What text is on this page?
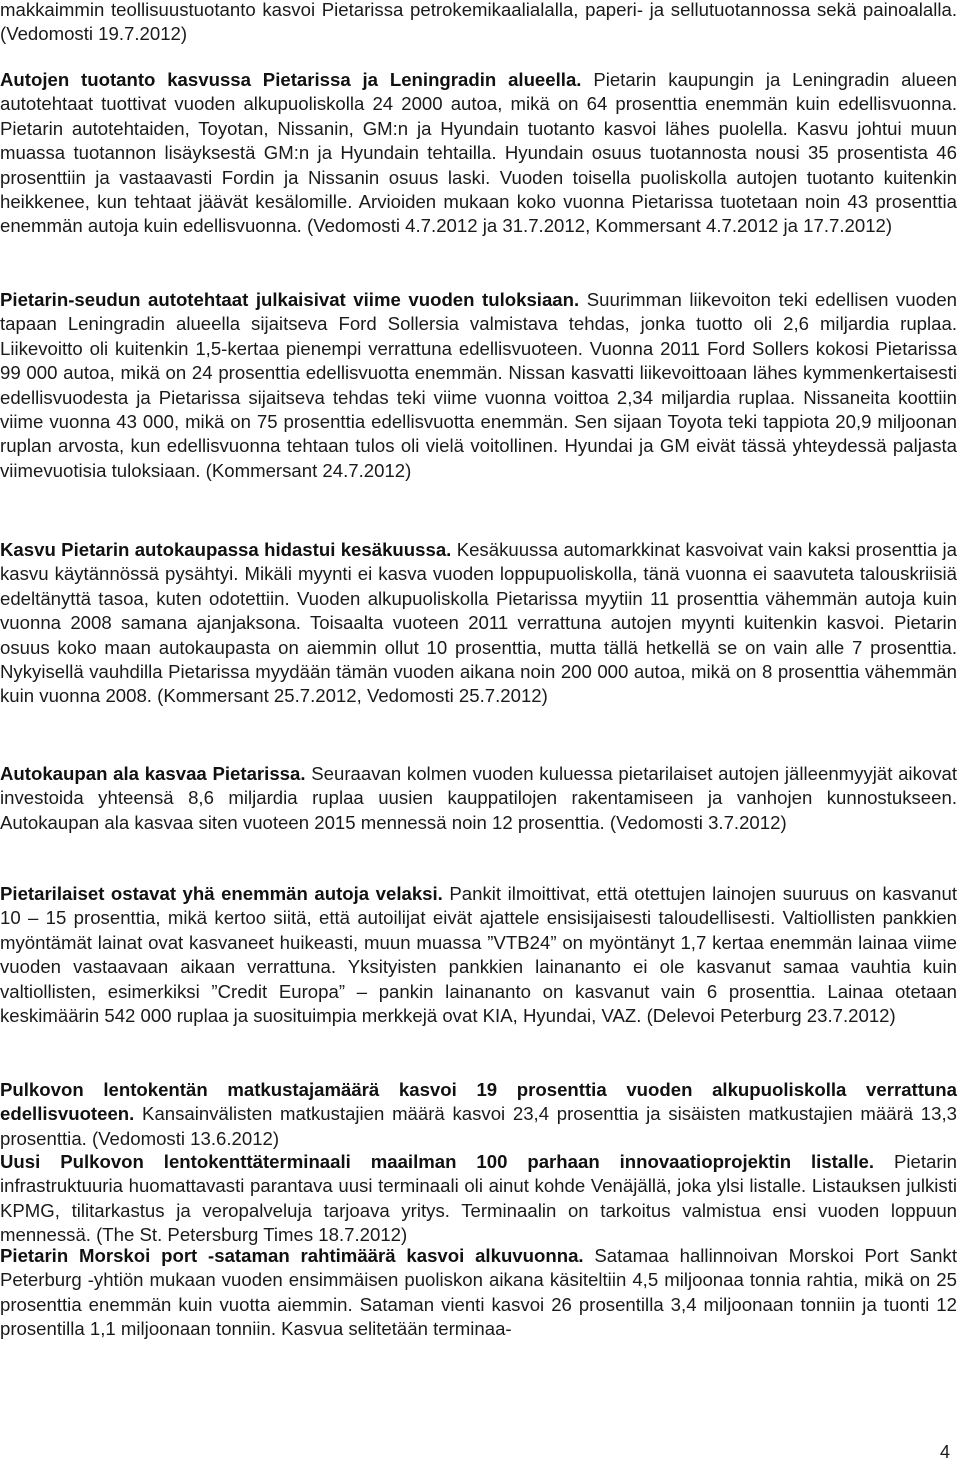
makkaimmin teollisuustuotanto kasvoi Pietarissa petrokemikaalialalla, paperi- ja sellutuotannossa sekä painoalalla. (Vedomosti 19.7.2012)

Autojen tuotanto kasvussa Pietarissa ja Leningradin alueella. Pietarin kaupungin ja Leningradin alueen autotehtaat tuottivat vuoden alkupuoliskolla 24 2000 autoa, mikä on 64 prosenttia enemmän kuin edellisvuonna. Pietarin autotehtaiden, Toyotan, Nissanin, GM:n ja Hyundain tuotanto kasvoi lähes puolella. Kasvu johtui muun muassa tuotannon lisäyksestä GM:n ja Hyundain tehtailla. Hyundain osuus tuotannosta nousi 35 prosentista 46 prosenttiin ja vastaavasti Fordin ja Nissanin osuus laski. Vuoden toisella puoliskolla autojen tuotanto kuitenkin heikkenee, kun tehtaat jäävät kesälomille. Arvioiden mukaan koko vuonna Pietarissa tuotetaan noin 43 prosenttia enemmän autoja kuin edellisvuonna. (Vedomosti 4.7.2012 ja 31.7.2012, Kommersant 4.7.2012 ja 17.7.2012)

Pietarin-seudun autotehtaat julkaisivat viime vuoden tuloksiaan. Suurimman liikevoiton teki edellisen vuoden tapaan Leningradin alueella sijaitseva Ford Sollersia valmistava tehdas, jonka tuotto oli 2,6 miljardia ruplaa. Liikevoitto oli kuitenkin 1,5-kertaa pienempi verrattuna edellisvuoteen. Vuonna 2011 Ford Sollers kokosi Pietarissa 99 000 autoa, mikä on 24 prosenttia edellisvuotta enemmän. Nissan kasvatti liikevoittoaan lähes kymmenkertaisesti edellisvuodesta ja Pietarissa sijaitseva tehdas teki viime vuonna voittoa 2,34 miljardia ruplaa. Nissaneita koottiin viime vuonna 43 000, mikä on 75 prosenttia edellisvuotta enemmän. Sen sijaan Toyota teki tappiota 20,9 miljoonan ruplan arvosta, kun edellisvuonna tehtaan tulos oli vielä voitollinen. Hyundai ja GM eivät tässä yhteydessä paljasta viimevuotisia tuloksiaan. (Kommersant 24.7.2012)

Kasvu Pietarin autokaupassa hidastui kesäkuussa. Kesäkuussa automarkkinat kasvoivat vain kaksi prosenttia ja kasvu käytännössä pysähtyi. Mikäli myynti ei kasva vuoden loppupuoliskolla, tänä vuonna ei saavuteta talouskriisiä edeltänyttä tasoa, kuten odotettiin. Vuoden alkupuoliskolla Pietarissa myytiin 11 prosenttia vähemmän autoja kuin vuonna 2008 samana ajanjaksona. Toisaalta vuoteen 2011 verrattuna autojen myynti kuitenkin kasvoi. Pietarin osuus koko maan autokaupasta on aiemmin ollut 10 prosenttia, mutta tällä hetkellä se on vain alle 7 prosenttia. Nykyisellä vauhdilla Pietarissa myydään tämän vuoden aikana noin 200 000 autoa, mikä on 8 prosenttia vähemmän kuin vuonna 2008. (Kommersant 25.7.2012, Vedomosti 25.7.2012)

Autokaupan ala kasvaa Pietarissa. Seuraavan kolmen vuoden kuluessa pietarilaiset autojen jälleenmyyjät aikovat investoida yhteensä 8,6 miljardia ruplaa uusien kauppatilojen rakentamiseen ja vanhojen kunnostukseen. Autokaupan ala kasvaa siten vuoteen 2015 mennessä noin 12 prosenttia. (Vedomosti 3.7.2012)

Pietarilaiset ostavat yhä enemmän autoja velaksi. Pankit ilmoittivat, että otettujen lainojen suuruus on kasvanut 10 – 15 prosenttia, mikä kertoo siitä, että autoilijat eivät ajattele ensisijaisesti taloudellisesti. Valtiollisten pankkien myöntämät lainat ovat kasvaneet huikeasti, muun muassa ”VTB24” on myöntänyt 1,7 kertaa enemmän lainaa viime vuoden vastaavaan aikaan verrattuna. Yksityisten pankkien lainananto ei ole kasvanut samaa vauhtia kuin valtiollisten, esimerkiksi ”Credit Europa” – pankin lainananto on kasvanut vain 6 prosenttia. Lainaa otetaan keskimäärin 542 000 ruplaa ja suosituimpia merkkejä ovat KIA, Hyundai, VAZ. (Delevoi Peterburg 23.7.2012)

Pulkovon lentokentän matkustajamäärä kasvoi 19 prosenttia vuoden alkupuoliskolla verrattuna edellisvuoteen. Kansainvälisten matkustajien määrä kasvoi 23,4 prosenttia ja sisäisten matkustajien määrä 13,3 prosenttia. (Vedomosti 13.6.2012)

Uusi Pulkovon lentokenttäterminaali maailman 100 parhaan innovaatioprojektin listalle. Pietarin infrastruktuuria huomattavasti parantava uusi terminaali oli ainut kohde Venäjällä, joka ylsi listalle. Listauksen julkisti KPMG, tilitarkastus ja veropalveluja tarjoava yritys. Terminaalin on tarkoitus valmistua ensi vuoden loppuun mennessä. (The St. Petersburg Times 18.7.2012)

Pietarin Morskoi port -sataman rahtimäärä kasvoi alkuvuonna. Satamaa hallinnoivan Morskoi Port Sankt Peterburg -yhtiön mukaan vuoden ensimmäisen puoliskon aikana käsiteltiin 4,5 miljoonaa tonnia rahtia, mikä on 25 prosenttia enemmän kuin vuotta aiemmin. Sataman vienti kasvoi 26 prosentilla 3,4 miljoonaan tonniin ja tuonti 12 prosentilla 1,1 miljoonaan tonniin. Kasvua selitetään terminaa-

4
